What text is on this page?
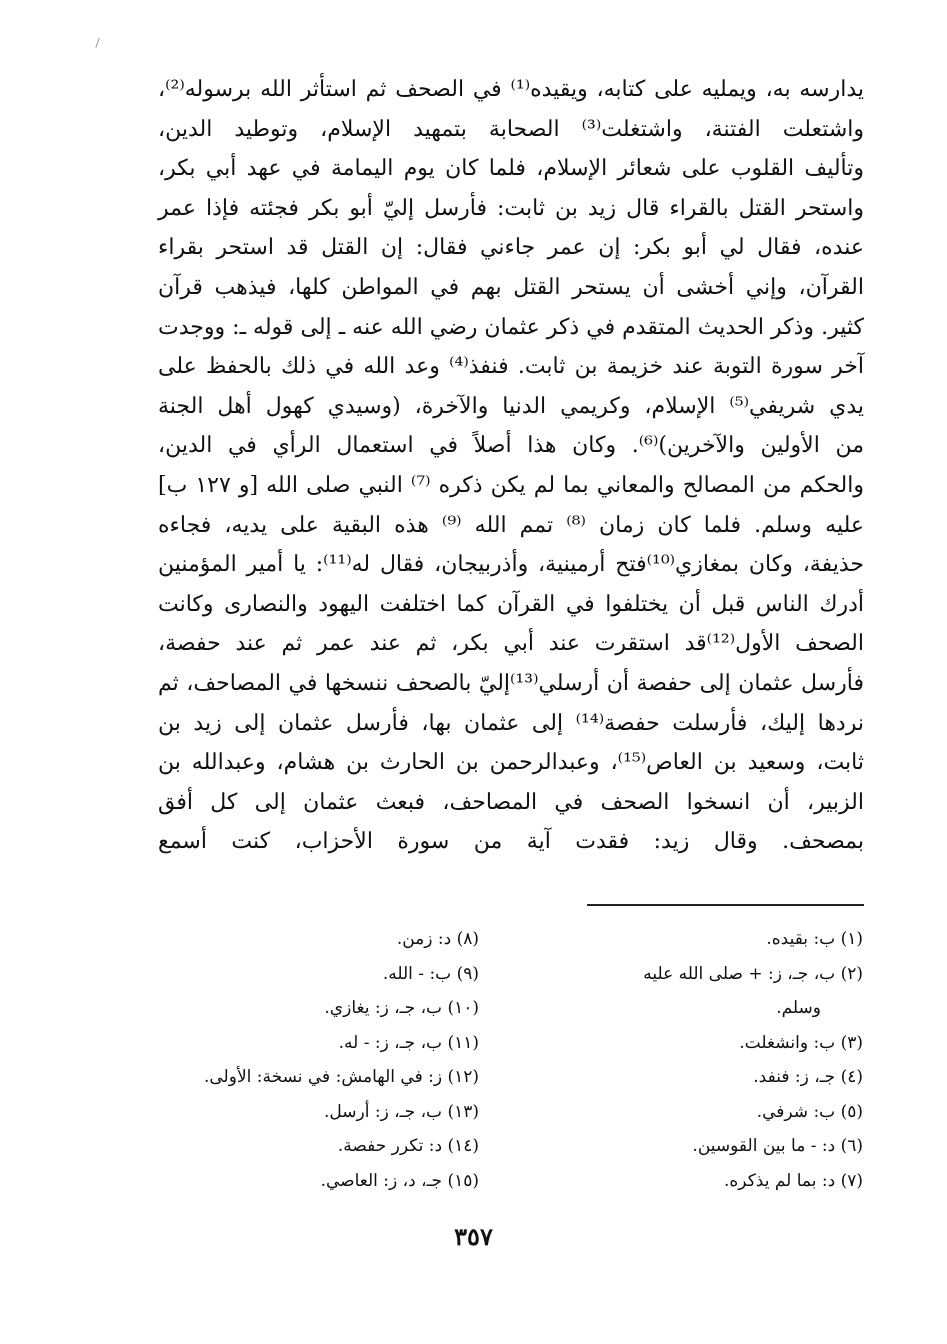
يدارسه به، ويمليه على كتابه، ويقيده⁽¹⁾ في الصحف ثم استأثر الله برسوله⁽²⁾،
واشتعلت الفتنة، واشتغلت⁽³⁾ الصحابة بتمهيد الإسلام، وتوطيد الدين،
وتأليف القلوب على شعائر الإسلام، فلما كان يوم اليمامة في عهد أبي بكر،
واستحر القتل بالقراء قال زيد بن ثابت: فأرسل إليّ أبو بكر فجئته فإذا عمر
عنده، فقال لي أبو بكر: إن عمر جاءني فقال: إن القتل قد استحر بقراء
القرآن، وإني أخشى أن يستحر القتل بهم في المواطن كلها، فيذهب قرآن
كثير. وذكر الحديث المتقدم في ذكر عثمان رضي الله عنه ـ إلى قوله ـ: ووجدت
آخر سورة التوبة عند خزيمة بن ثابت. فنفذ⁽⁴⁾ وعد الله في ذلك بالحفظ على
يدي شريفي⁽⁵⁾ الإسلام، وكريمي الدنيا والآخرة، (وسيدي كهول أهل الجنة
من الأولين والآخرين)⁽⁶⁾. وكان هذا أصلاً في استعمال الرأي في الدين،
والحكم من المصالح والمعاني بما لم يكن ذكره ⁽⁷⁾ النبي صلى الله [و ١٢٧ ب]
عليه وسلم. فلما كان زمان ⁽⁸⁾ تمم الله ⁽⁹⁾ هذه البقية على يديه، فجاءه
حذيفة، وكان بمغازي⁽¹⁰⁾فتح أرمينية، وأذربيجان، فقال له⁽¹¹⁾: يا أمير المؤمنين
أدرك الناس قبل أن يختلفوا في القرآن كما اختلفت اليهود والنصارى وكانت
الصحف الأول⁽¹²⁾قد استقرت عند أبي بكر، ثم عند عمر ثم عند حفصة،
فأرسل عثمان إلى حفصة أن أرسلي⁽¹³⁾إليّ بالصحف ننسخها في المصاحف، ثم
نردها إليك، فأرسلت حفصة⁽¹⁴⁾ إلى عثمان بها، فأرسل عثمان إلى زيد بن
ثابت، وسعيد بن العاص⁽¹⁵⁾، وعبدالرحمن بن الحارث بن هشام، وعبدالله بن
الزبير، أن انسخوا الصحف في المصاحف، فبعث عثمان إلى كل أفق
بمصحف. وقال زيد: فقدت آية من سورة الأحزاب، كنت أسمع
(١) ب: بقيده.
(٢) ب، جـ، ز: + صلى الله عليه
وسلم.
(٣) ب: وانشغلت.
(٤) جـ، ز: فنفد.
(٥) ب: شرفي.
(٦) د: - ما بين القوسين.
(٧) د: بما لم يذكره.
(٨) د: زمن.
(٩) ب: - الله.
(١٠) ب، جـ، ز: يغازي.
(١١) ب، جـ، ز: - له.
(١٢) ز: في الهامش: في نسخة: الأولى.
(١٣) ب، جـ، ز: أرسل.
(١٤) د: تكرر حفصة.
(١٥) جـ، د، ز: العاصي.
٣٥٧
